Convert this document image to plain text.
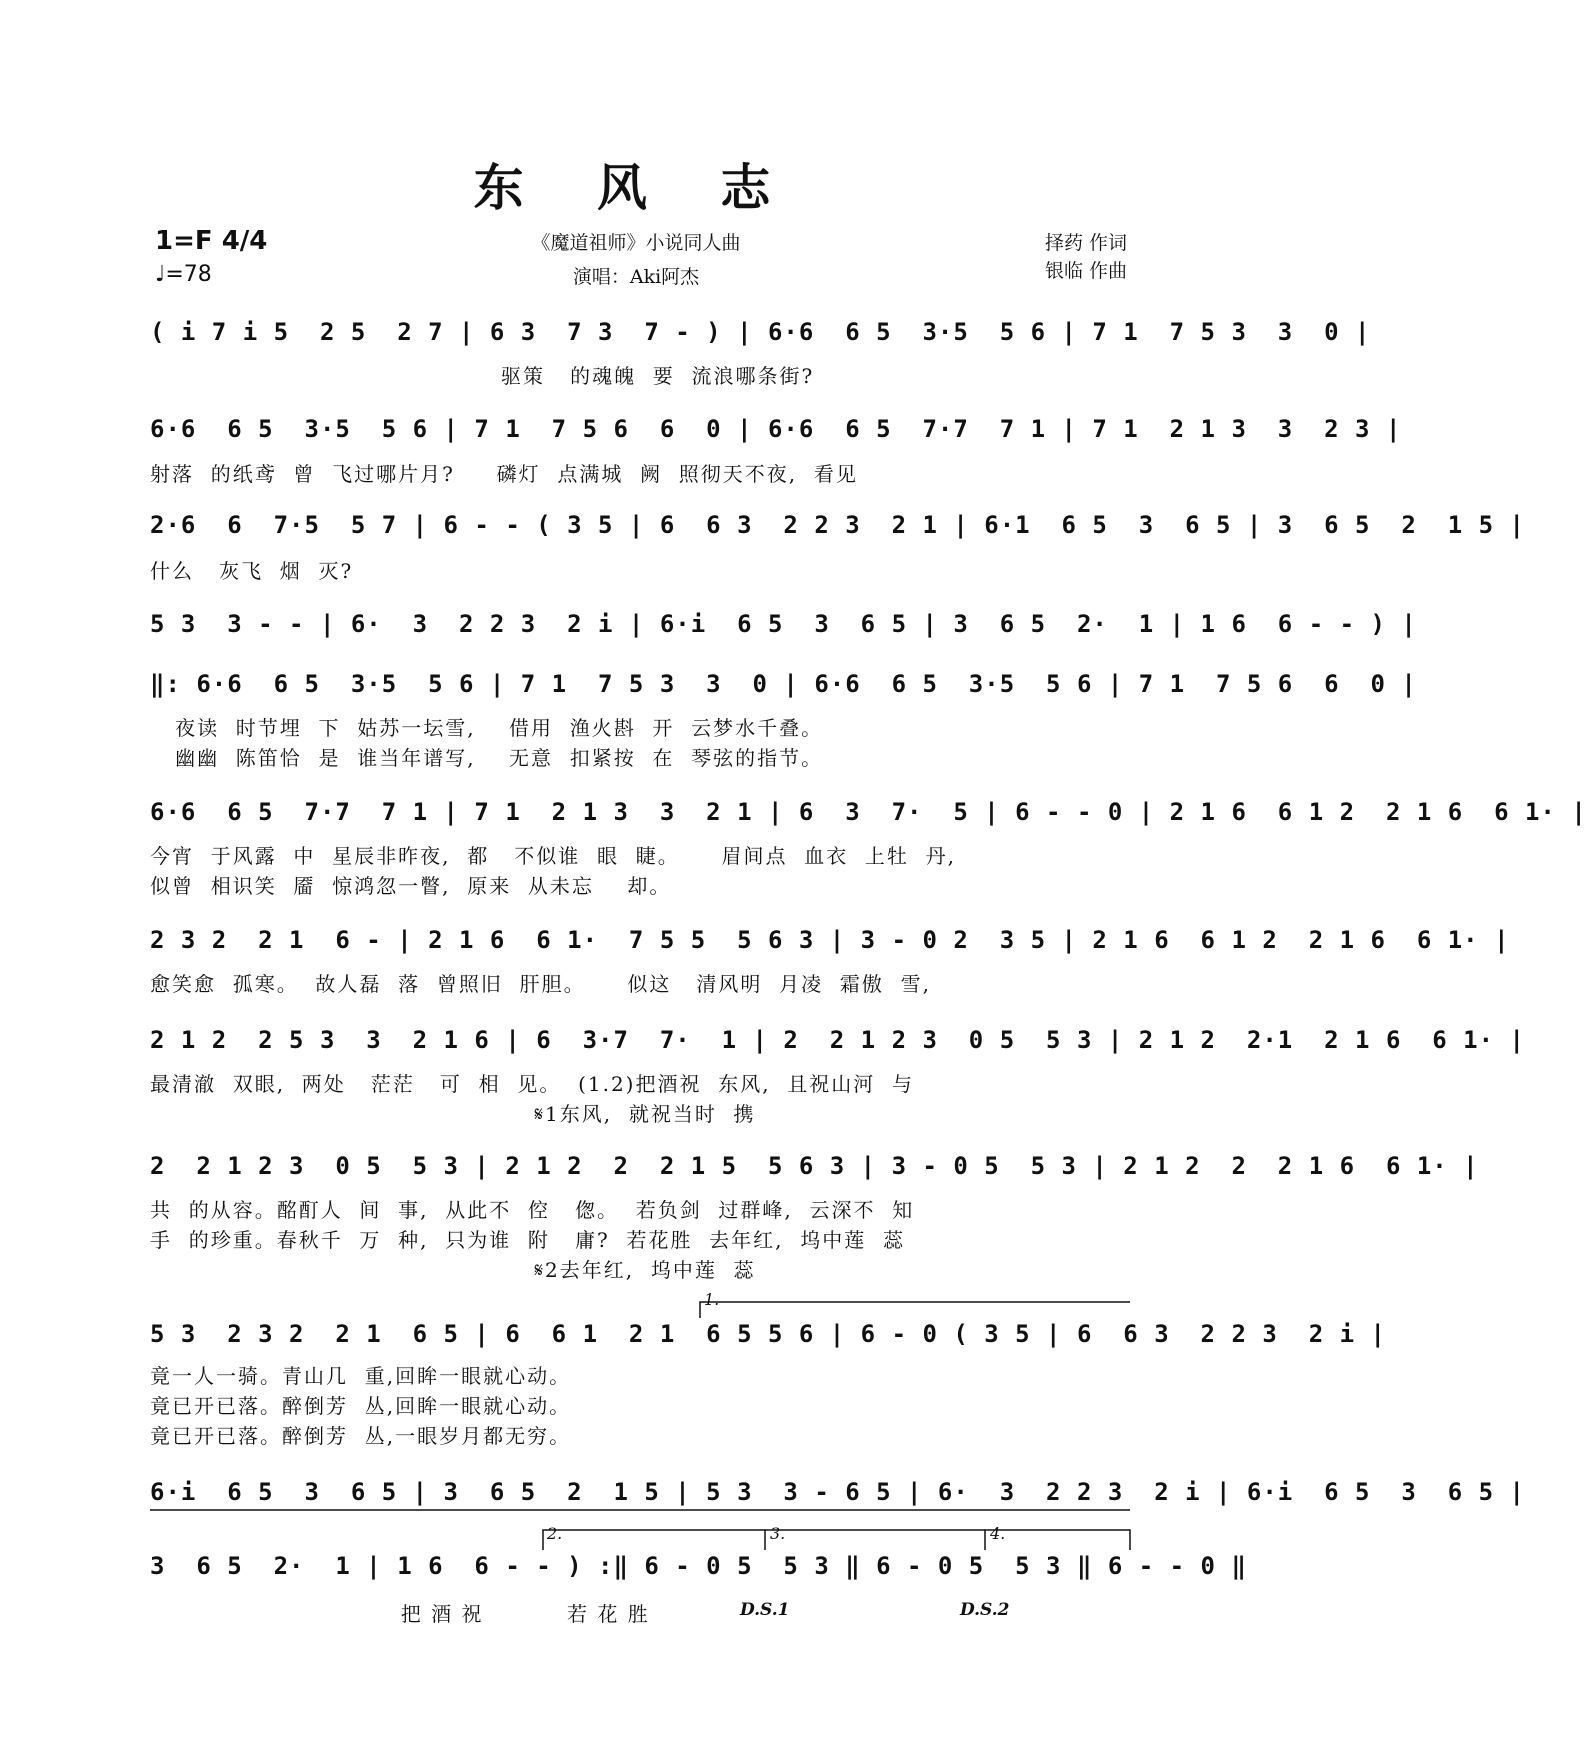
东 风 志
1=F 4/4
♩=78
《魔道祖师》小说同人曲
演唱：Aki阿杰
择药 作词
银临 作曲
( i 7 i 5  2 5  2 7 | 6 3  7 3  7 - ) | 6·6  6 5  3·5  5 6 | 7 1  7 5 3  3  0 |
驱策   的魂魄  要  流浪哪条街?
6·6  6 5  3·5  5 6 | 7 1  7 5 6  6  0 | 6·6  6 5  7·7  7 1 | 7 1  2 1 3  3  2 3 |
射落  的纸鸢  曾  飞过哪片月?     磷灯  点满城  阙  照彻天不夜,  看见
2·6  6  7·5  5 7 | 6 - - ( 3 5 | 6  6 3  2 2 3  2 1 | 6·1  6 5  3  6 5 | 3  6 5  2  1 5 |
什么   灰飞  烟  灭?
5 3  3 - - | 6·  3  2 2 3  2 i | 6·i  6 5  3  6 5 | 3  6 5  2·  1 | 1 6  6 - - ) |
‖: 6·6  6 5  3·5  5 6 | 7 1  7 5 3  3  0 | 6·6  6 5  3·5  5 6 | 7 1  7 5 6  6  0 |
夜读  时节埋  下  姑苏一坛雪,    借用  渔火斟  开  云梦水千叠。
幽幽  陈笛恰  是  谁当年谱写,    无意  扣紧按  在  琴弦的指节。
6·6  6 5  7·7  7 1 | 7 1  2 1 3  3  2 1 | 6  3  7·  5 | 6 - - 0 | 2 1 6  6 1 2  2 1 6  6 1· |
今宵  于风露  中  星辰非昨夜,  都   不似谁  眼  睫。     眉间点  血衣  上牡  丹,
似曾  相识笑  靥  惊鸿忽一瞥,  原来  从未忘    却。
2 3 2  2 1  6 - | 2 1 6  6 1·  7 5 5  5 6 3 | 3 - 0 2  3 5 | 2 1 6  6 1 2  2 1 6  6 1· |
愈笑愈  孤寒。  故人磊  落  曾照旧  肝胆。     似这   清风明  月凌  霜傲  雪,
2 1 2  2 5 3  3  2 1 6 | 6  3·7  7·  1 | 2  2 1 2 3  0 5  5 3 | 2 1 2  2·1  2 1 6  6 1· |
最清澈  双眼,  两处   茫茫   可  相  见。  (1.2)把酒祝  东风,  且祝山河  与
𝄋1东风,  就祝当时  携
2  2 1 2 3  0 5  5 3 | 2 1 2  2  2 1 5  5 6 3 | 3 - 0 5  5 3 | 2 1 2  2  2 1 6  6 1· |
共  的从容。酩酊人  间  事,  从此不  倥   偬。  若负剑  过群峰,  云深不  知
手  的珍重。春秋千  万  种,  只为谁  附   庸?  若花胜  去年红,  坞中莲  蕊
𝄋2去年红,  坞中莲  蕊
1.
5 3  2 3 2  2 1  6 5 | 6  6 1  2 1  6 5 5 6 | 6 - 0 ( 3 5 | 6  6 3  2 2 3  2 i |
竟一人一骑。青山几  重,回眸一眼就心动。
竟已开已落。醉倒芳  丛,回眸一眼就心动。
竟已开已落。醉倒芳  丛,一眼岁月都无穷。
6·i  6 5  3  6 5 | 3  6 5  2  1 5 | 5 3  3 - 6 5 | 6·  3  2 2 3  2 i | 6·i  6 5  3  6 5 |
2.	3.	4.
3  6 5  2·  1 | 1 6  6 - - ) :‖ 6 - 0 5  5 3 ‖ 6 - 0 5  5 3 ‖ 6 - - 0 ‖
把 酒 祝          若 花 胜	D.S.1	D.S.2
